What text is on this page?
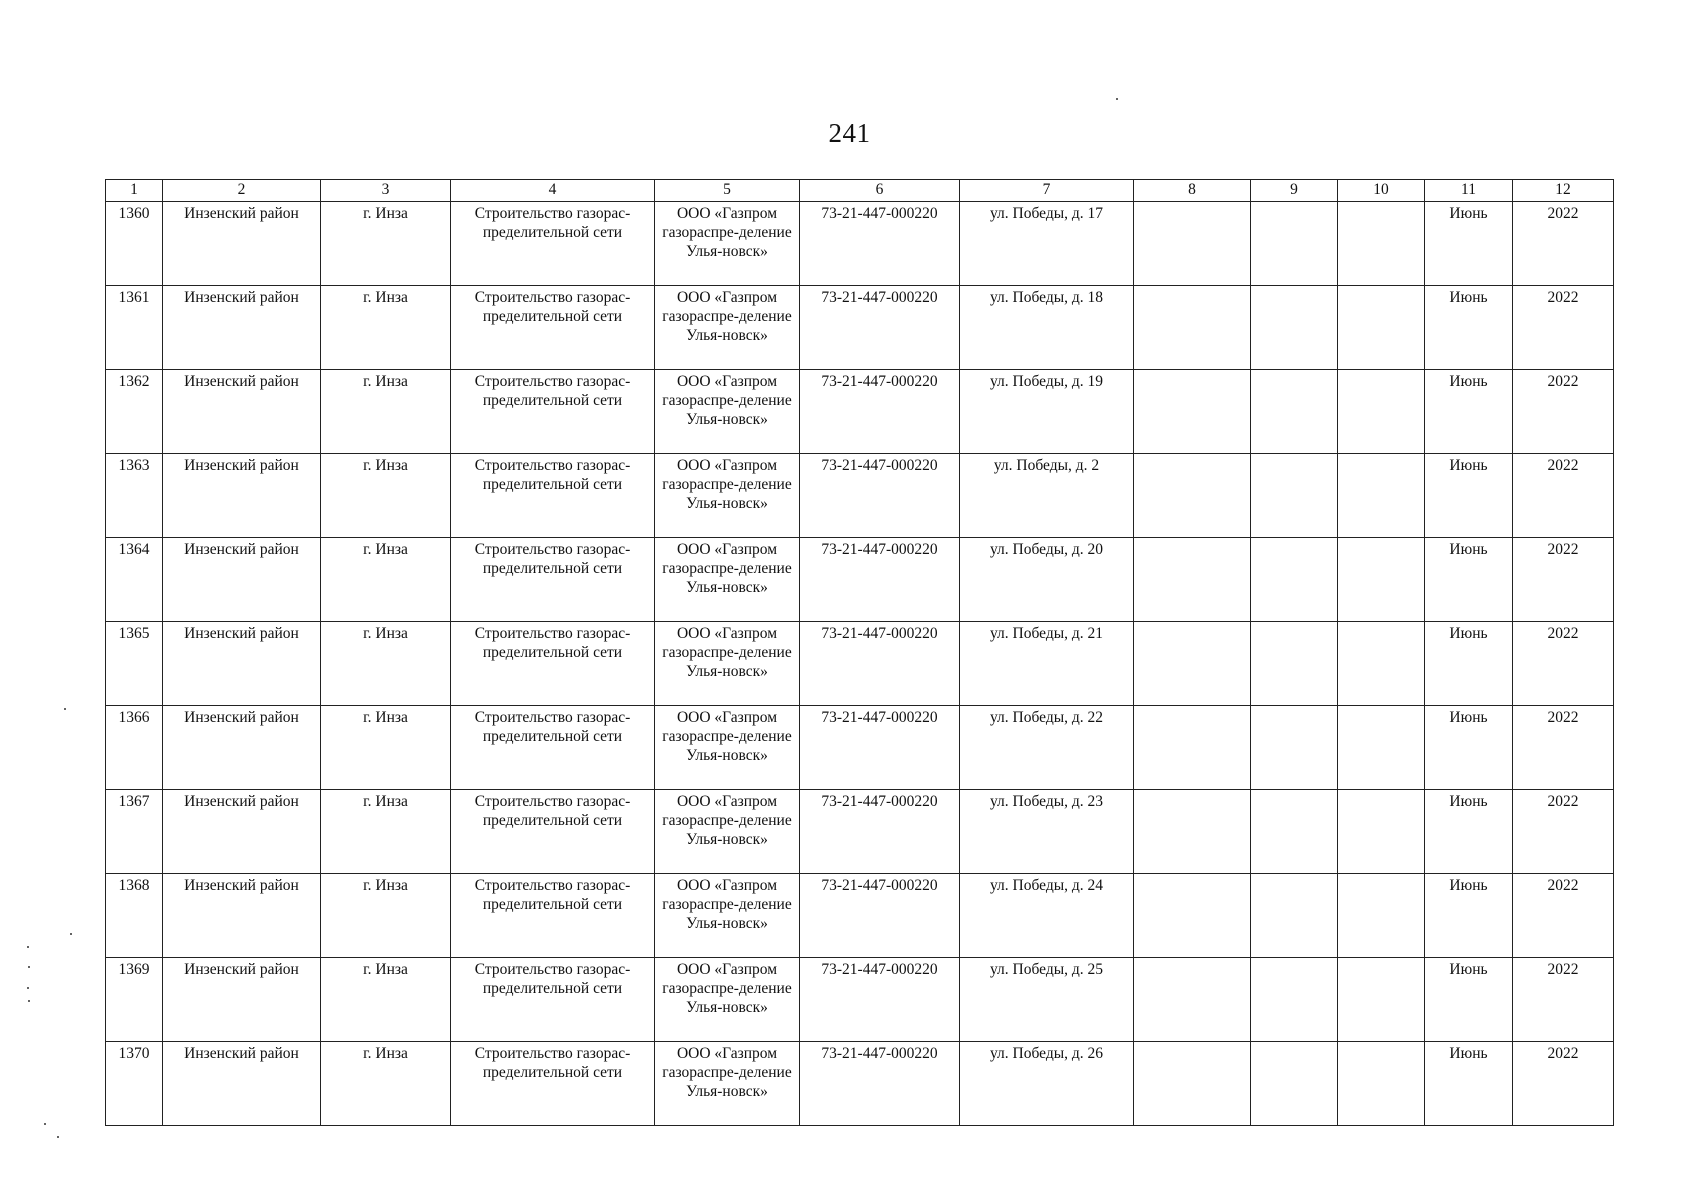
241
1	2	3	4	5	6	7	8	9	10	11	12
1360	Инзенский район	г. Инза	Строительство газорас-пределительной сети	ООО «Газпром газораспре-деление Улья-новск»	73-21-447-000220	ул. Победы, д. 17				Июнь	2022
1361	Инзенский район	г. Инза	Строительство газорас-пределительной сети	ООО «Газпром газораспре-деление Улья-новск»	73-21-447-000220	ул. Победы, д. 18				Июнь	2022
1362	Инзенский район	г. Инза	Строительство газорас-пределительной сети	ООО «Газпром газораспре-деление Улья-новск»	73-21-447-000220	ул. Победы, д. 19				Июнь	2022
1363	Инзенский район	г. Инза	Строительство газорас-пределительной сети	ООО «Газпром газораспре-деление Улья-новск»	73-21-447-000220	ул. Победы, д. 2				Июнь	2022
1364	Инзенский район	г. Инза	Строительство газорас-пределительной сети	ООО «Газпром газораспре-деление Улья-новск»	73-21-447-000220	ул. Победы, д. 20				Июнь	2022
1365	Инзенский район	г. Инза	Строительство газорас-пределительной сети	ООО «Газпром газораспре-деление Улья-новск»	73-21-447-000220	ул. Победы, д. 21				Июнь	2022
1366	Инзенский район	г. Инза	Строительство газорас-пределительной сети	ООО «Газпром газораспре-деление Улья-новск»	73-21-447-000220	ул. Победы, д. 22				Июнь	2022
1367	Инзенский район	г. Инза	Строительство газорас-пределительной сети	ООО «Газпром газораспре-деление Улья-новск»	73-21-447-000220	ул. Победы, д. 23				Июнь	2022
1368	Инзенский район	г. Инза	Строительство газорас-пределительной сети	ООО «Газпром газораспре-деление Улья-новск»	73-21-447-000220	ул. Победы, д. 24				Июнь	2022
1369	Инзенский район	г. Инза	Строительство газорас-пределительной сети	ООО «Газпром газораспре-деление Улья-новск»	73-21-447-000220	ул. Победы, д. 25				Июнь	2022
1370	Инзенский район	г. Инза	Строительство газорас-пределительной сети	ООО «Газпром газораспре-деление Улья-новск»	73-21-447-000220	ул. Победы, д. 26				Июнь	2022
